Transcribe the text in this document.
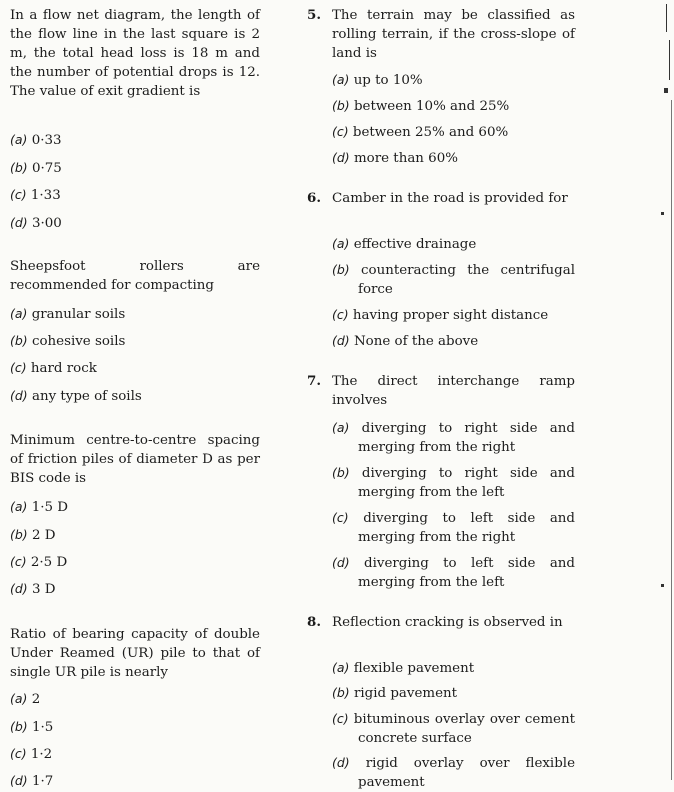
In a flow net diagram, the length of the flow line in the last square is 2 m, the total head loss is 18 m and the number of potential drops is 12. The value of exit gradient is
(a) 0·33
(b) 0·75
(c) 1·33
(d) 3·00
Sheepsfoot rollers are recommended for compacting
(a) granular soils
(b) cohesive soils
(c) hard rock
(d) any type of soils
Minimum centre-to-centre spacing of friction piles of diameter D as per BIS code is
(a) 1·5 D
(b) 2 D
(c) 2·5 D
(d) 3 D
Ratio of bearing capacity of double Under Reamed (UR) pile to that of single UR pile is nearly
(a) 2
(b) 1·5
(c) 1·2
(d) 1·7
5. The terrain may be classified as rolling terrain, if the cross-slope of land is
(a) up to 10%
(b) between 10% and 25%
(c) between 25% and 60%
(d) more than 60%
6. Camber in the road is provided for
(a) effective drainage
(b) counteracting the centrifugal force
(c) having proper sight distance
(d) None of the above
7. The direct interchange ramp involves
(a) diverging to right side and merging from the right
(b) diverging to right side and merging from the left
(c) diverging to left side and merging from the right
(d) diverging to left side and merging from the left
8. Reflection cracking is observed in
(a) flexible pavement
(b) rigid pavement
(c) bituminous overlay over cement concrete surface
(d) rigid overlay over flexible pavement
